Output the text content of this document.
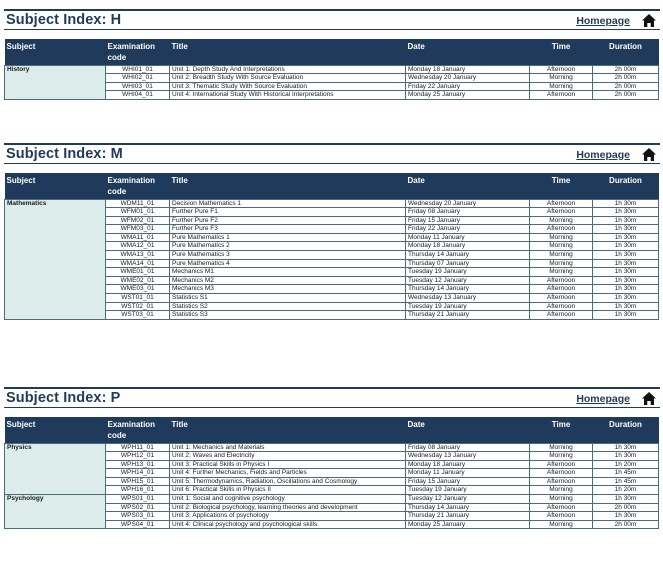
Subject Index: H	Homepage
Subject	Examination code	Title	Date	Time	Duration
History	WHI01_01	Unit 1: Depth Study And Interpretations	Monday 18 January	Afternoon	2h 00m
	WHI02_01	Unit 2: Breadth Study With Source Evaluation	Wednesday 20 January	Morning	2h 00m
	WHI03_01	Unit 3: Thematic Study With Source Evaluation	Friday 22 January	Morning	2h 00m
	WHI04_01	Unit 4: International Study With Historical Interpretations	Monday 25 January	Afternoon	2h 00m
Subject Index: M	Homepage
Subject	Examination code	Title	Date	Time	Duration
Mathematics	WDM11_01	Decision Mathematics 1	Wednesday 20 January	Afternoon	1h 30m
	WFM01_01	Further Pure F1	Friday 08 January	Afternoon	1h 30m
	WFM02_01	Further Pure F2	Friday 15 January	Morning	1h 30m
	WFM03_01	Further Pure F3	Friday 22 January	Afternoon	1h 30m
	WMA11_01	Pure Mathematics 1	Monday 11 January	Morning	1h 30m
	WMA12_01	Pure Mathematics 2	Monday 18 January	Morning	1h 30m
	WMA13_01	Pure Mathematics 3	Thursday 14 January	Morning	1h 30m
	WMA14_01	Pure Mathematics 4	Thursday 07 January	Morning	1h 30m
	WME01_01	Mechanics M1	Tuesday 19 January	Morning	1h 30m
	WME02_01	Mechanics M2	Tuesday 12 January	Afternoon	1h 30m
	WME03_01	Mechanics M3	Thursday 14 January	Afternoon	1h 30m
	WST01_01	Statistics S1	Wednesday 13 January	Afternoon	1h 30m
	WST02_01	Statistics S2	Tuesday 19 January	Afternoon	1h 30m
	WST03_01	Statistics S3	Thursday 21 January	Afternoon	1h 30m
Subject Index: P	Homepage
Subject	Examination code	Title	Date	Time	Duration
Physics	WPH11_01	Unit 1: Mechanics and Materials	Friday 08 January	Morning	1h 30m
	WPH12_01	Unit 2: Waves and Electricity	Wednesday 13 January	Morning	1h 30m
	WPH13_01	Unit 3: Practical Skills in Physics I	Monday 18 January	Afternoon	1h 20m
	WPH14_01	Unit 4: Further Mechanics, Fields and Particles	Monday 11 January	Afternoon	1h 45m
	WPH15_01	Unit 5: Thermodynamics, Radiation, Oscillations and Cosmology	Friday 15 January	Afternoon	1h 45m
	WPH16_01	Unit 6: Practical Skills in Physics II	Tuesday 19 January	Morning	1h 20m
Psychology	WPS01_01	Unit 1: Social and cognitive psychology	Tuesday 12 January	Morning	1h 30m
	WPS02_01	Unit 2: Biological psychology, learning theories and development	Thursday 14 January	Afternoon	2h 00m
	WPS03_01	Unit 3: Applications of psychology	Thursday 21 January	Afternoon	1h 30m
	WPS04_01	Unit 4: Clinical psychology and psychological skills	Monday 25 January	Morning	2h 00m
